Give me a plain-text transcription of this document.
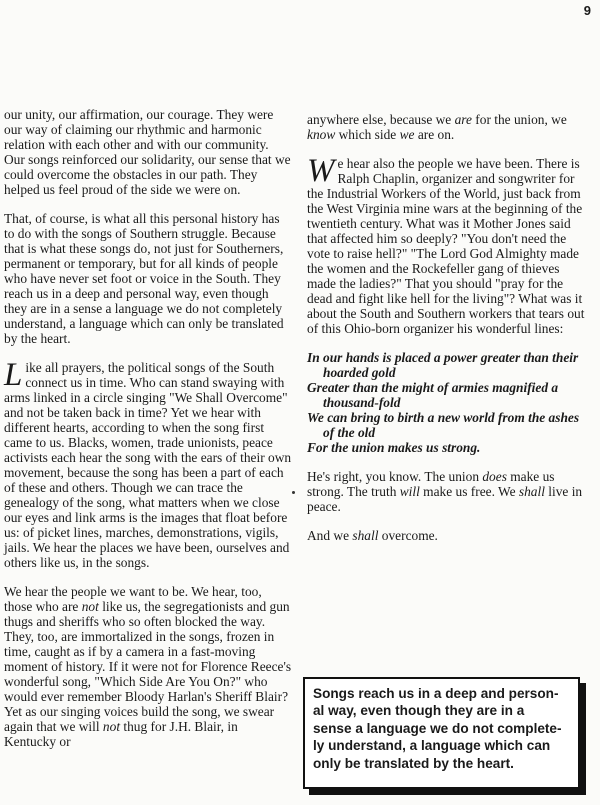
9

our unity, our affirmation, our courage. They were our way of claiming our rhythmic and harmonic relation with each other and with our community. Our songs reinforced our solidarity, our sense that we could overcome the obstacles in our path. They helped us feel proud of the side we were on.

That, of course, is what all this personal history has to do with the songs of Southern struggle. Because that is what these songs do, not just for Southerners, permanent or temporary, but for all kinds of people who have never set foot or voice in the South. They reach us in a deep and personal way, even though they are in a sense a language we do not completely understand, a language which can only be translated by the heart.

Like all prayers, the political songs of the South connect us in time. Who can stand swaying with arms linked in a circle singing "We Shall Overcome" and not be taken back in time? Yet we hear with different hearts, according to when the song first came to us. Blacks, women, trade unionists, peace activists each hear the song with the ears of their own movement, because the song has been a part of each of these and others. Though we can trace the genealogy of the song, what matters when we close our eyes and link arms is the images that float before us: of picket lines, marches, demonstrations, vigils, jails. We hear the places we have been, ourselves and others like us, in the songs.

We hear the people we want to be. We hear, too, those who are not like us, the segregationists and gun thugs and sheriffs who so often blocked the way. They, too, are immortalized in the songs, frozen in time, caught as if by a camera in a fast-moving moment of history. If it were not for Florence Reece's wonderful song, "Which Side Are You On?" who would ever remember Bloody Harlan's Sheriff Blair? Yet as our singing voices build the song, we swear again that we will not thug for J.H. Blair, in Kentucky or

anywhere else, because we are for the union, we know which side we are on.

We hear also the people we have been. There is Ralph Chaplin, organizer and songwriter for the Industrial Workers of the World, just back from the West Virginia mine wars at the beginning of the twentieth century. What was it Mother Jones said that affected him so deeply? "You don't need the vote to raise hell?" "The Lord God Almighty made the women and the Rockefeller gang of thieves made the ladies?" That you should "pray for the dead and fight like hell for the living"? What was it about the South and Southern workers that tears out of this Ohio-born organizer his wonderful lines:

In our hands is placed a power greater than their hoarded gold
Greater than the might of armies magnified a thousand-fold
We can bring to birth a new world from the ashes of the old
For the union makes us strong.

He's right, you know. The union does make us strong. The truth will make us free. We shall live in peace.

And we shall overcome.

Songs reach us in a deep and person-
al way, even though they are in a
sense a language we do not complete-
ly understand, a language which can
only be translated by the heart.
